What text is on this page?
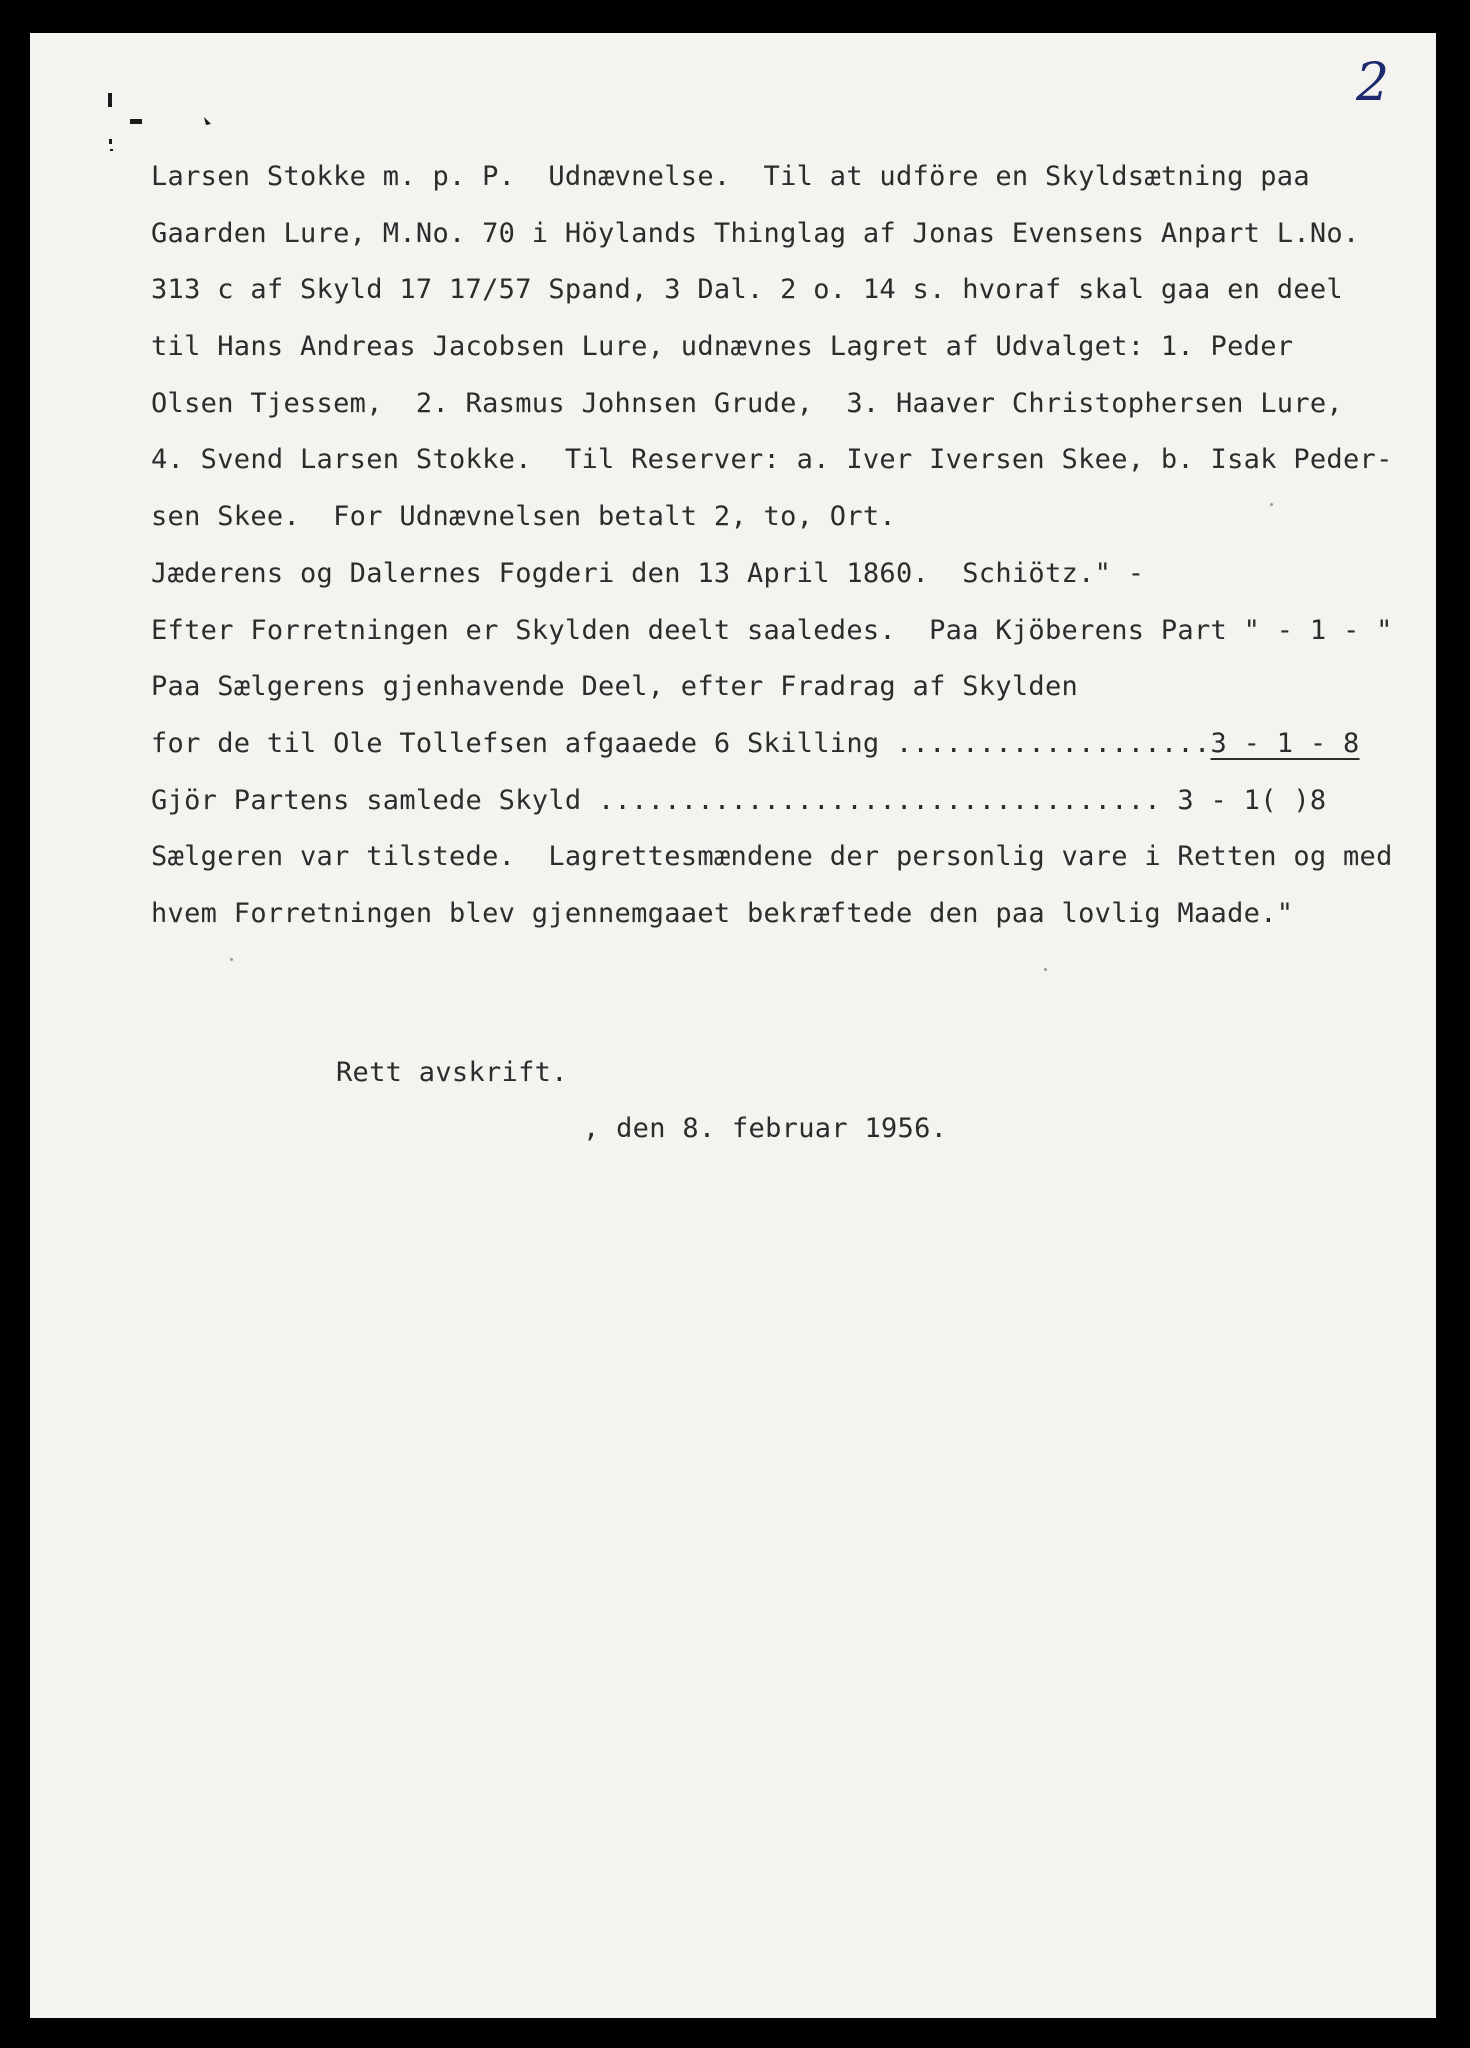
2
Larsen Stokke m. p. P.  Udnævnelse.  Til at udföre en Skyldsætning paa
Gaarden Lure, M.No. 70 i Höylands Thinglag af Jonas Evensens Anpart L.No.
313 c af Skyld 17 17/57 Spand, 3 Dal. 2 o. 14 s. hvoraf skal gaa en deel
til Hans Andreas Jacobsen Lure, udnævnes Lagret af Udvalget: 1. Peder
Olsen Tjessem,  2. Rasmus Johnsen Grude,  3. Haaver Christophersen Lure,
4. Svend Larsen Stokke.  Til Reserver: a. Iver Iversen Skee, b. Isak Peder-
sen Skee.  For Udnævnelsen betalt 2, to, Ort.
Jæderens og Dalernes Fogderi den 13 April 1860.  Schiötz." -
Efter Forretningen er Skylden deelt saaledes.  Paa Kjöberens Part " - 1 - "
Paa Sælgerens gjenhavende Deel, efter Fradrag af Skylden
for de til Ole Tollefsen afgaaede 6 Skilling ...................3 - 1 - 8
Gjör Partens samlede Skyld .................................. 3 - 1( )8
Sælgeren var tilstede.  Lagrettesmændene der personlig vare i Retten og med
hvem Forretningen blev gjennemgaaet bekræftede den paa lovlig Maade."
Rett avskrift.
, den 8. februar 1956.
